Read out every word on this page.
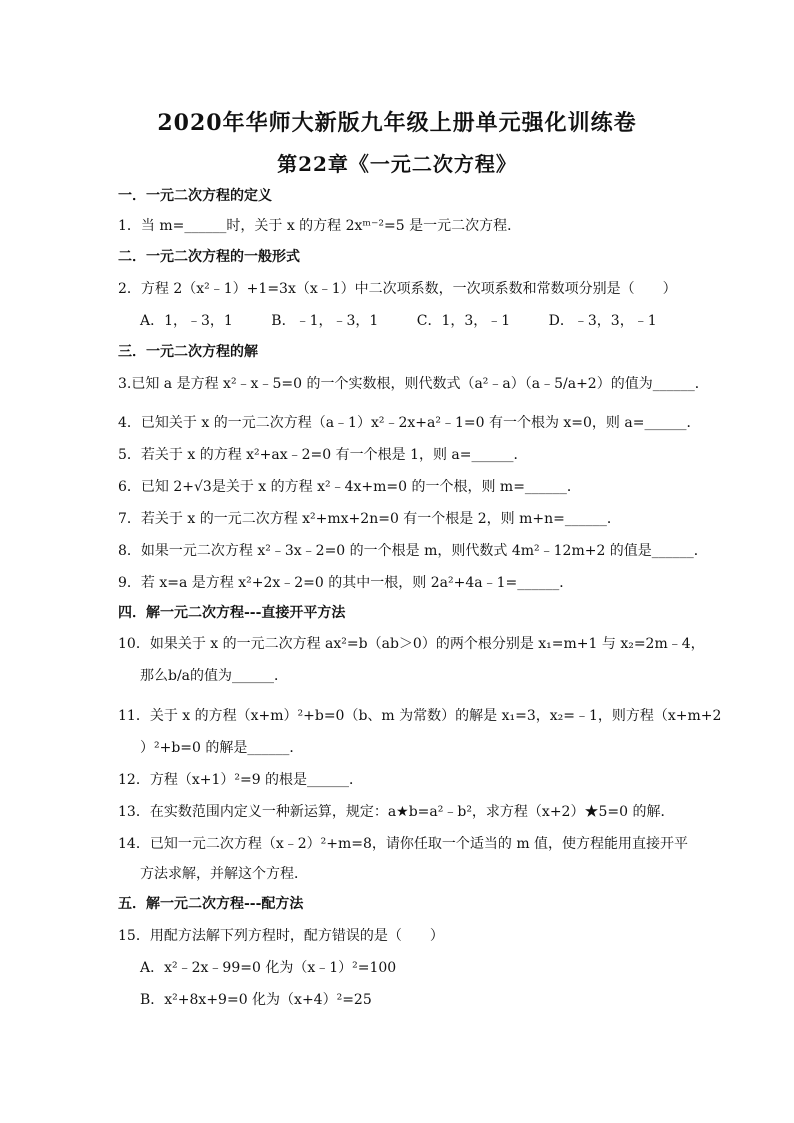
2020年华师大新版九年级上册单元强化训练卷
第22章《一元二次方程》
一．一元二次方程的定义
1．当 m=______时，关于 x 的方程 2xᵐ⁻²=5 是一元二次方程．
二．一元二次方程的一般形式
2．方程 2（x²﹣1）+1=3x（x﹣1）中二次项系数，一次项系数和常数项分别是（　　）
A．1，﹣3，1	B．﹣1，﹣3，1	C．1，3，﹣1	D．﹣3，3，﹣1
三．一元二次方程的解
3.已知 a 是方程 x²﹣x﹣5=0 的一个实数根，则代数式（a²﹣a）（a﹣5/a+2）的值为______．
4．已知关于 x 的一元二次方程（a﹣1）x²﹣2x+a²﹣1=0 有一个根为 x=0，则 a=______．
5．若关于 x 的方程 x²+ax﹣2=0 有一个根是 1，则 a=______．
6．已知 2+√3是关于 x 的方程 x²﹣4x+m=0 的一个根，则 m=______．
7．若关于 x 的一元二次方程 x²+mx+2n=0 有一个根是 2，则 m+n=______．
8．如果一元二次方程 x²﹣3x﹣2=0 的一个根是 m，则代数式 4m²﹣12m+2 的值是______．
9．若 x=a 是方程 x²+2x﹣2=0 的其中一根，则 2a²+4a﹣1=______．
四．解一元二次方程---直接开平方法
10．如果关于 x 的一元二次方程 ax²=b（ab＞0）的两个根分别是 x₁=m+1 与 x₂=2m﹣4，
那么b/a的值为______．
11．关于 x 的方程（x+m）²+b=0（b、m 为常数）的解是 x₁=3，x₂=﹣1，则方程（x+m+2
）²+b=0 的解是______．
12．方程（x+1）²=9 的根是______．
13．在实数范围内定义一种新运算，规定：a★b=a²﹣b²，求方程（x+2）★5=0 的解．
14．已知一元二次方程（x﹣2）²+m=8，请你任取一个适当的 m 值，使方程能用直接开平
方法求解，并解这个方程．
五．解一元二次方程---配方法
15．用配方法解下列方程时，配方错误的是（　　）
A．x²﹣2x﹣99=0 化为（x﹣1）²=100
B．x²+8x+9=0 化为（x+4）²=25
